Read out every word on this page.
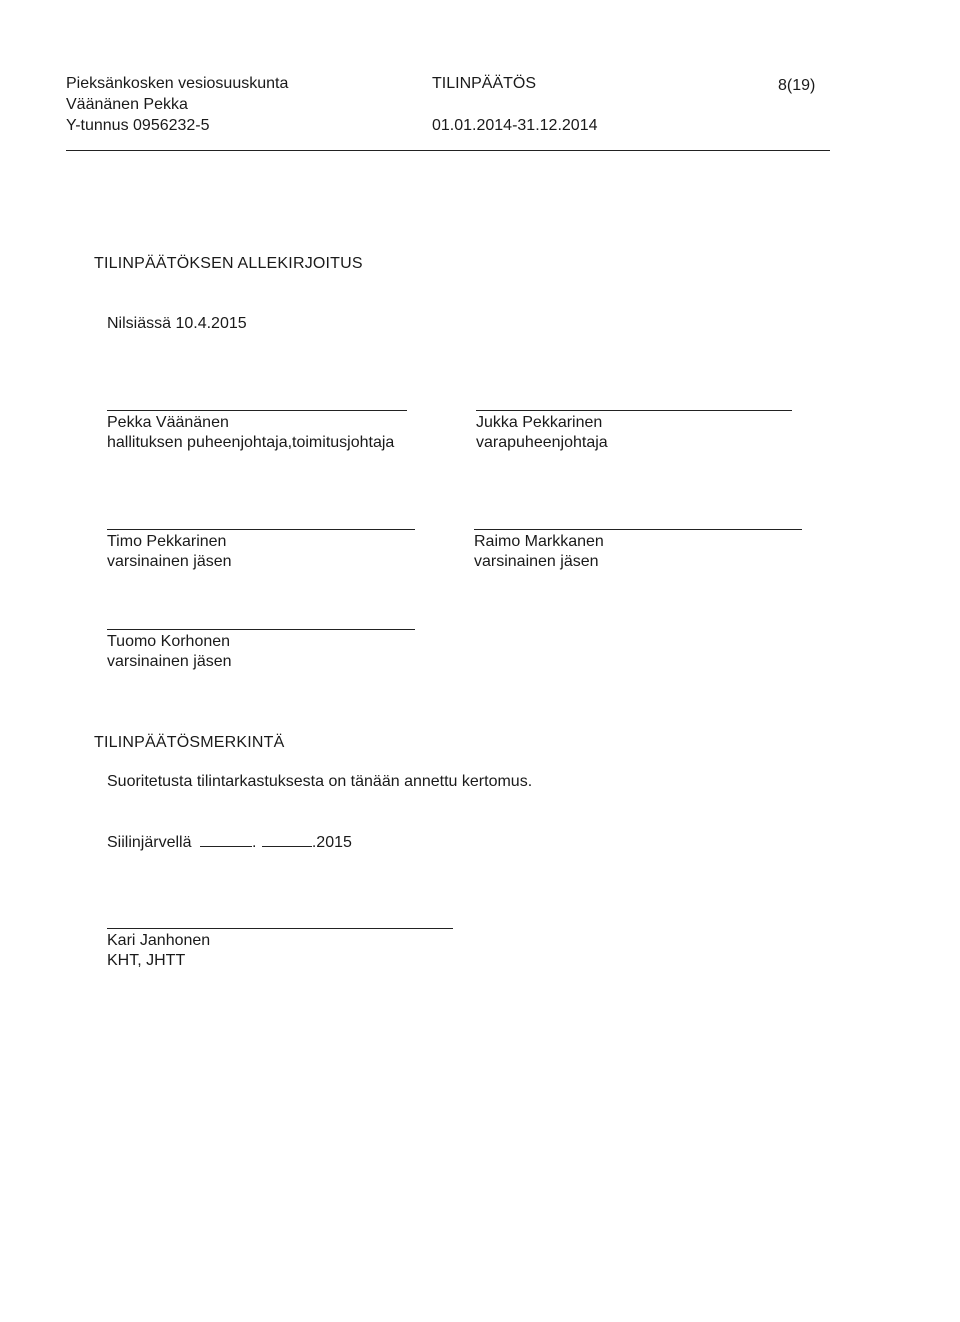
Pieksänkosken vesiosuuskunta
Väänänen Pekka
Y-tunnus 0956232-5
TILINPÄÄTÖS
01.01.2014-31.12.2014
8(19)
TILINPÄÄTÖKSEN ALLEKIRJOITUS
Nilsiässä 10.4.2015
Pekka Väänänen
hallituksen puheenjohtaja,toimitusjohtaja
Jukka Pekkarinen
varapuheenjohtaja
Timo Pekkarinen
varsinainen jäsen
Raimo Markkanen
varsinainen jäsen
Tuomo Korhonen
varsinainen jäsen
TILINPÄÄTÖSMERKINTÄ
Suoritetusta tilintarkastuksesta on tänään annettu kertomus.
Siilinjärvellä	.	.2015
Kari Janhonen
KHT, JHTT
